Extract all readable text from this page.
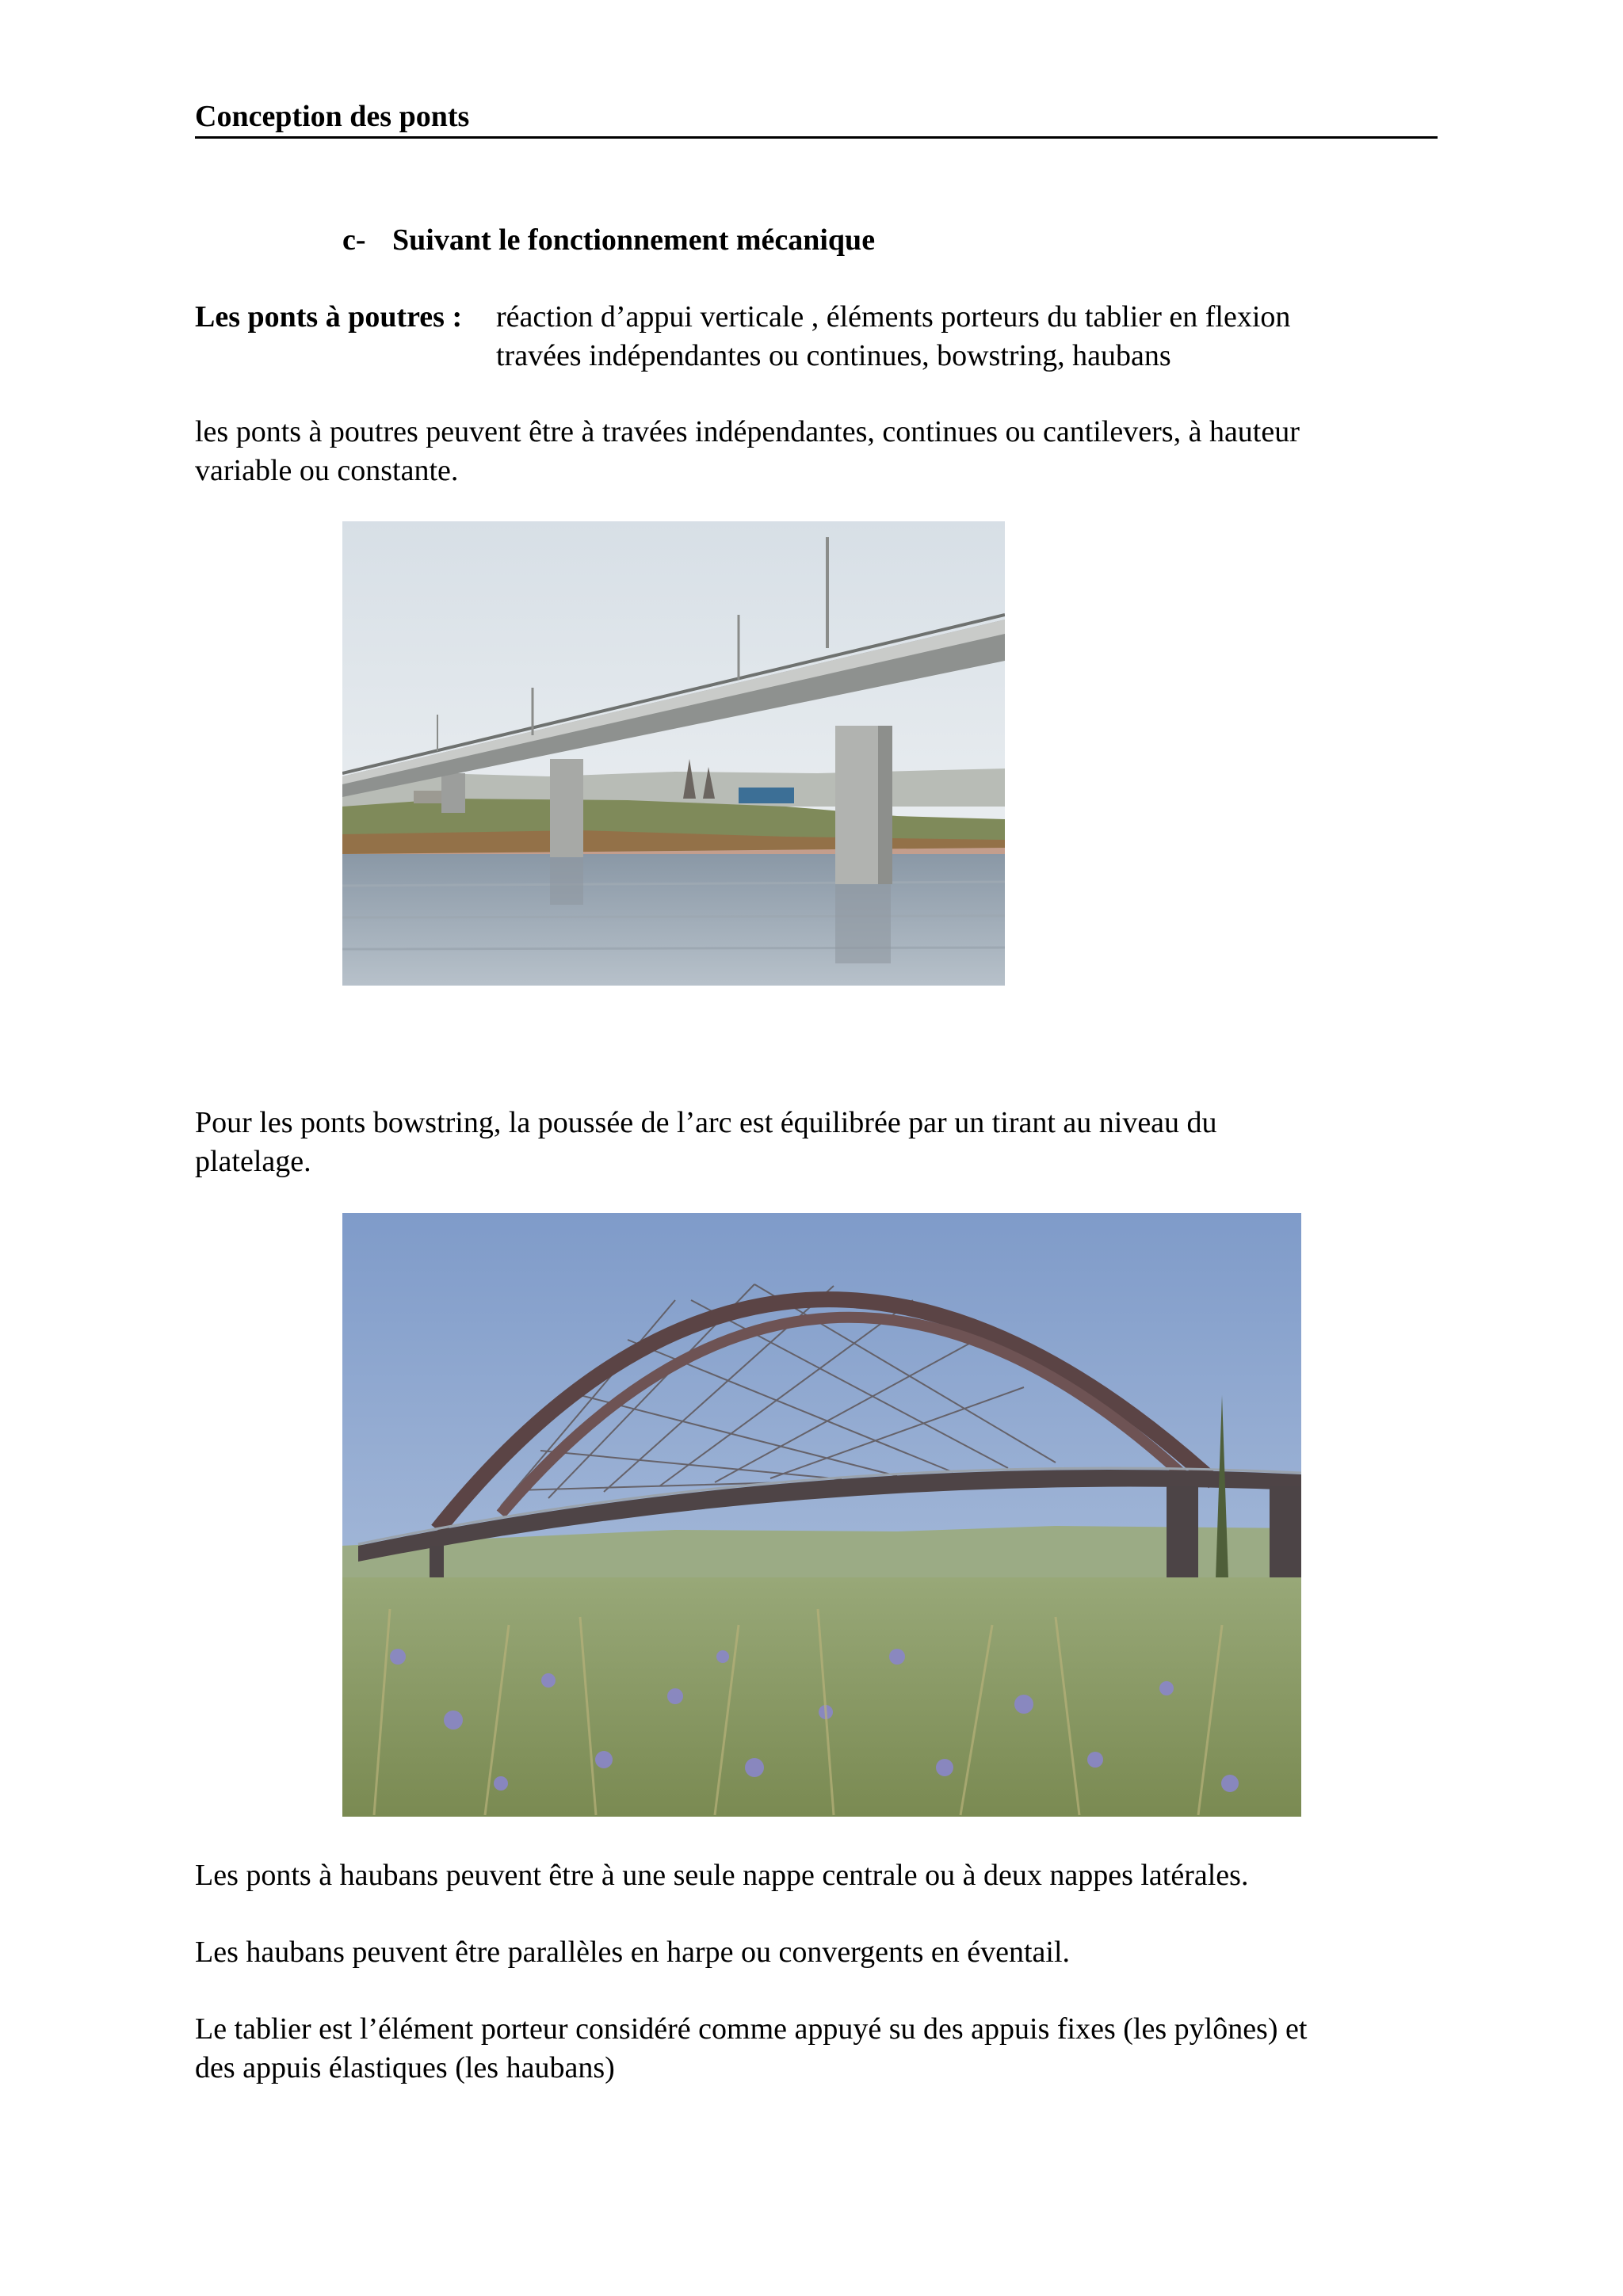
Conception des ponts
c- Suivant le fonctionnement mécanique
Les ponts à poutres : réaction d’appui verticale , éléments porteurs du tablier en flexion
travées indépendantes ou continues, bowstring, haubans
les ponts à poutres peuvent être à travées indépendantes, continues ou cantilevers, à hauteur
variable ou constante.
Pour les ponts bowstring, la poussée de l’arc est équilibrée par un tirant au niveau du
platelage.
Les ponts à haubans peuvent être à une seule nappe centrale ou à deux nappes latérales.
Les haubans peuvent être parallèles en harpe ou convergents en éventail.
Le tablier est l’élément porteur considéré comme appuyé su des appuis fixes (les pylônes) et
des appuis élastiques (les haubans)
